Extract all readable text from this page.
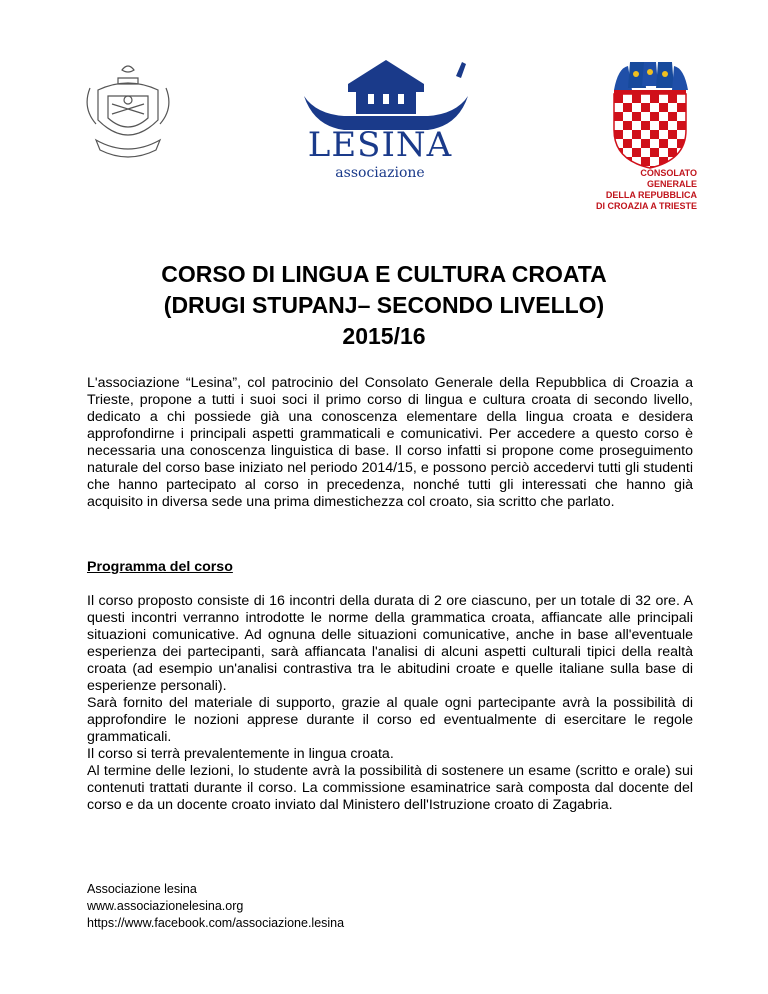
LESINA
associazione	CONSOLATO
GENERALE
DELLA REPUBBLICA
DI CROAZIA A TRIESTE
CORSO DI LINGUA E CULTURA CROATA
(DRUGI STUPANJ– SECONDO LIVELLO)
2015/16

L'associazione “Lesina”, col patrocinio del Consolato Generale della Repubblica di Croazia a Trieste, propone a tutti i suoi soci il primo corso di lingua e cultura croata di secondo livello, dedicato a chi possiede già una conoscenza elementare della lingua croata e desidera approfondirne i principali aspetti grammaticali e comunicativi. Per accedere a questo corso è necessaria una conoscenza linguistica di base. Il corso infatti si propone come proseguimento naturale del corso base iniziato nel periodo 2014/15, e possono perciò accedervi tutti gli studenti che hanno partecipato al corso in precedenza, nonché tutti gli interessati che hanno già acquisito in diversa sede una prima dimestichezza col croato, sia scritto che parlato.

Programma del corso
Il corso proposto consiste di 16 incontri della durata di 2 ore ciascuno, per un totale di 32 ore. A questi incontri verranno introdotte le norme della grammatica croata, affiancate alle principali situazioni comunicative. Ad ognuna delle situazioni comunicative, anche in base all'eventuale esperienza dei partecipanti, sarà affiancata l'analisi di alcuni aspetti culturali tipici della realtà croata (ad esempio un'analisi contrastiva tra le abitudini croate e quelle italiane sulla base di esperienze personali).
Sarà fornito del materiale di supporto, grazie al quale ogni partecipante avrà la possibilità di approfondire le nozioni apprese durante il corso ed eventualmente di esercitare le regole grammaticali.
Il corso si terrà prevalentemente in lingua croata.
Al termine delle lezioni, lo studente avrà la possibilità di sostenere un esame (scritto e orale) sui contenuti trattati durante il corso. La commissione esaminatrice sarà composta dal docente del corso e da un docente croato inviato dal Ministero dell'Istruzione croato di Zagabria.
Associazione lesina
www.associazionelesina.org
https://www.facebook.com/associazione.lesina
